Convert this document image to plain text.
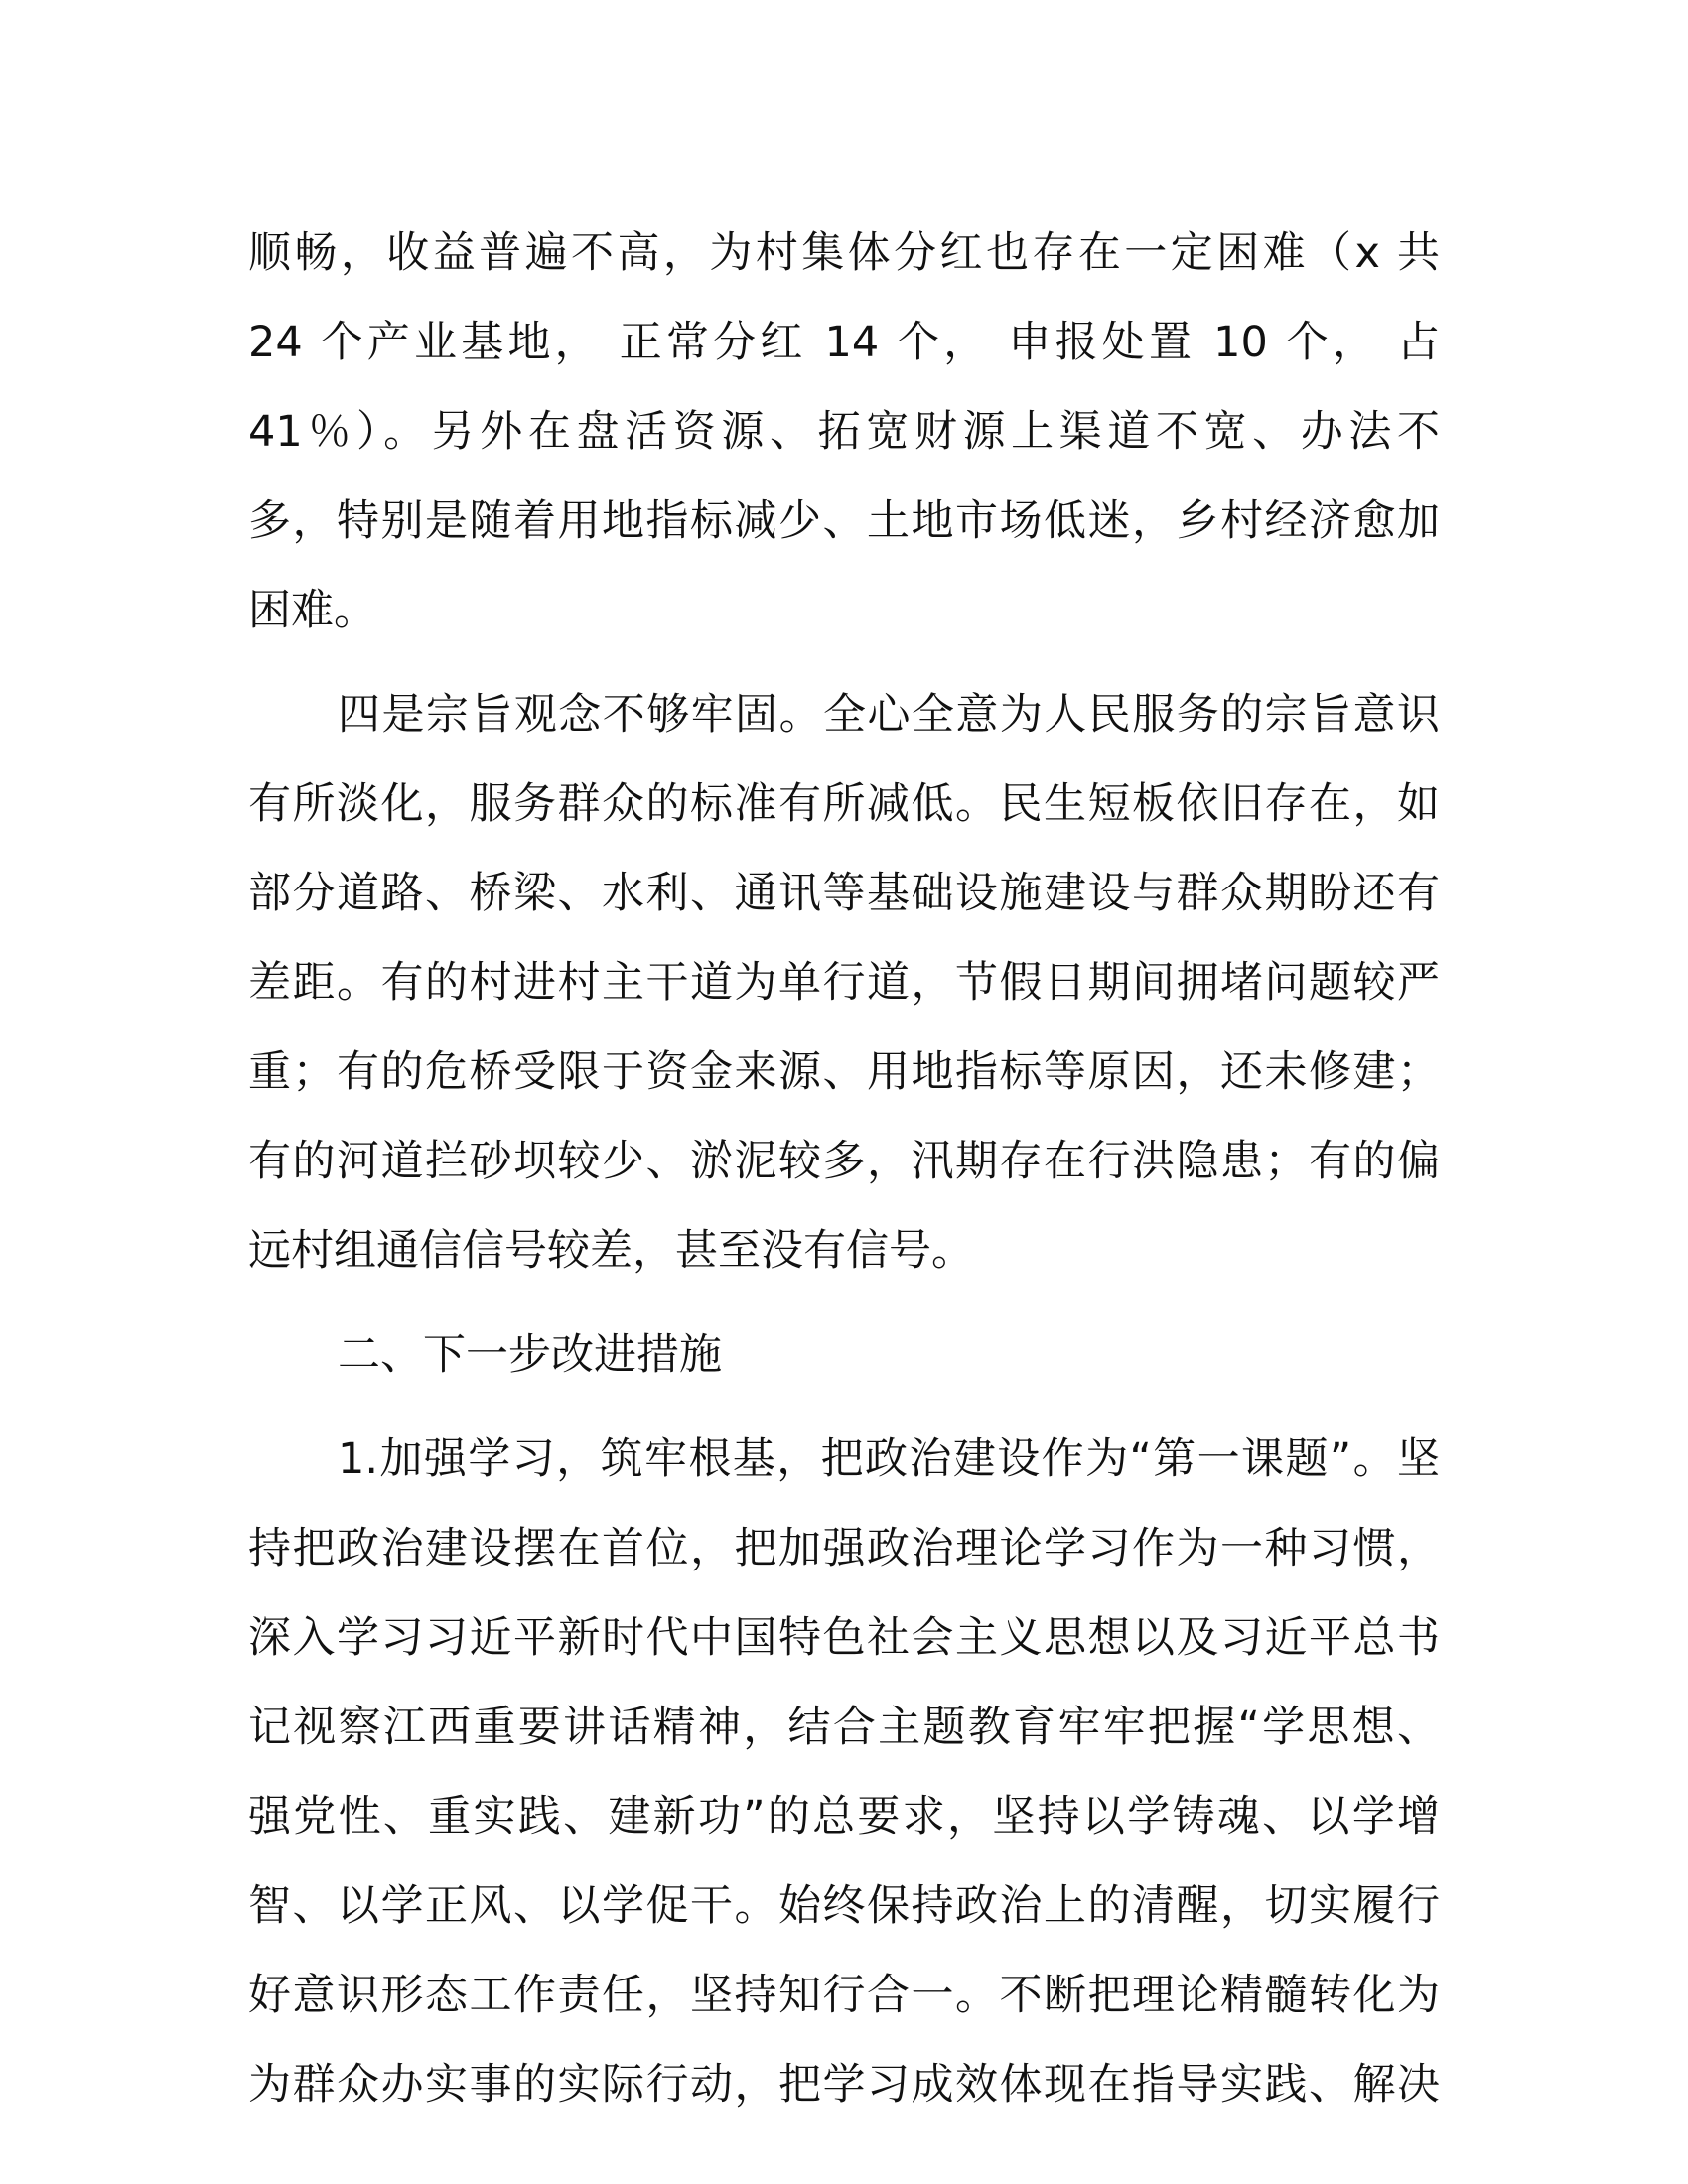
顺畅，收益普遍不高，为村集体分红也存在一定困难（x 共
24 个产业基地， 正常分红 14 个， 申报处置 10 个， 占
41％）。另外在盘活资源、拓宽财源上渠道不宽、办法不
多，特别是随着用地指标减少、土地市场低迷，乡村经济愈加
困难。
四是宗旨观念不够牢固。全心全意为人民服务的宗旨意识
有所淡化，服务群众的标准有所减低。民生短板依旧存在，如
部分道路、桥梁、水利、通讯等基础设施建设与群众期盼还有
差距。有的村进村主干道为单行道，节假日期间拥堵问题较严
重；有的危桥受限于资金来源、用地指标等原因，还未修建；
有的河道拦砂坝较少、淤泥较多，汛期存在行洪隐患；有的偏
远村组通信信号较差，甚至没有信号。
二、下一步改进措施
1.加强学习，筑牢根基，把政治建设作为“第一课题”。坚
持把政治建设摆在首位，把加强政治理论学习作为一种习惯，
深入学习习近平新时代中国特色社会主义思想以及习近平总书
记视察江西重要讲话精神，结合主题教育牢牢把握“学思想、
强党性、重实践、建新功”的总要求，坚持以学铸魂、以学增
智、以学正风、以学促干。始终保持政治上的清醒，切实履行
好意识形态工作责任，坚持知行合一。不断把理论精髓转化为
为群众办实事的实际行动，把学习成效体现在指导实践、解决
